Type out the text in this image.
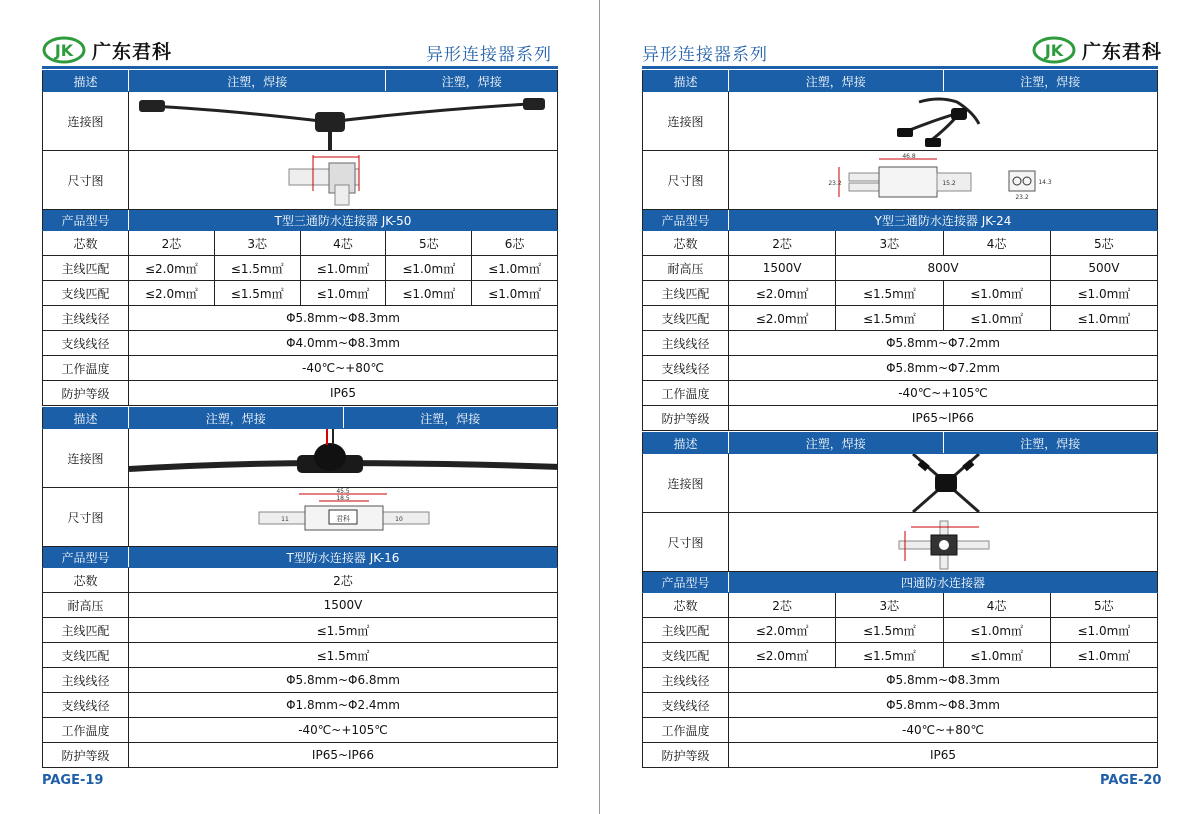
JK 广东君科	异形连接器系列
描述	注塑，焊接			注塑，焊接	
连接图	

尺寸图	

产品型号	T型三通防水连接器 JK-50				
芯数	2芯	3芯	4芯	5芯	6芯
主线匹配	≤2.0m㎡	≤1.5m㎡	≤1.0m㎡	≤1.0m㎡	≤1.0m㎡
支线匹配	≤2.0m㎡	≤1.5m㎡	≤1.0m㎡	≤1.0m㎡	≤1.0m㎡
主线线径	Φ5.8mm~Φ8.3mm				
支线线径	Φ4.0mm~Φ8.3mm				
工作温度	-40℃~+80℃				
防护等级	IP65				
描述	注塑，焊接	注塑，焊接
连接图	

尺寸图	君科
45.5
18.5
11 10	

产品型号	T型防水连接器 JK-16	
芯数	2芯	
耐高压	1500V	
主线匹配	≤1.5m㎡	
支线匹配	≤1.5m㎡	
主线线径	Φ5.8mm~Φ6.8mm	
支线线径	Φ1.8mm~Φ2.4mm	
工作温度	-40℃~+105℃	
防护等级	IP65~IP66	
PAGE-19
异形连接器系列	JK 广东君科
描述	注塑，焊接		注塑，焊接	
连接图	

尺寸图	46.8
23.2 15.2 14.3
23.2			

产品型号	Y型三通防水连接器 JK-24			
芯数	2芯	3芯	4芯	5芯
耐高压	1500V	800V		500V
主线匹配	≤2.0m㎡	≤1.5m㎡	≤1.0m㎡	≤1.0m㎡
支线匹配	≤2.0m㎡	≤1.5m㎡	≤1.0m㎡	≤1.0m㎡
主线线径	Φ5.8mm~Φ7.2mm			
支线线径	Φ5.8mm~Φ7.2mm			
工作温度	-40℃~+105℃			
防护等级	IP65~IP66			
描述	注塑，焊接		注塑，焊接	
连接图	

尺寸图	

产品型号	四通防水连接器			
芯数	2芯	3芯	4芯	5芯
主线匹配	≤2.0m㎡	≤1.5m㎡	≤1.0m㎡	≤1.0m㎡
支线匹配	≤2.0m㎡	≤1.5m㎡	≤1.0m㎡	≤1.0m㎡
主线线径	Φ5.8mm~Φ8.3mm			
支线线径	Φ5.8mm~Φ8.3mm			
工作温度	-40℃~+80℃			
防护等级	IP65			
PAGE-20
